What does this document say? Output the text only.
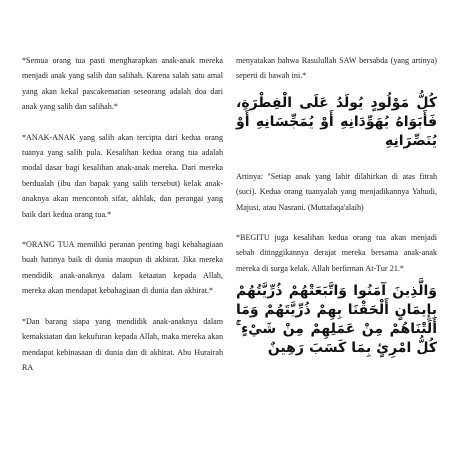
*Semua orang tua pasti mengharapkan anak-anak mereka menjadi anak yang salih dan salihah. Karena salah satu amal yang akan kekal pascakematian seseorang adalah doa dari anak yang salih dan salihah.*

*ANAK-ANAK yang salih akan tercipta dari kedua orang tuanya yang salih pula. Kesalihan kedua orang tua adalah modal dasar bagi kesalihan anak-anak mereka. Dari mereka berdualah (ibu dan bapak yang salih tersebut) kelak anak-anaknya akan mencontoh sifat, akhlak, dan perangai yang baik dari kedua orang tua.*

*ORANG TUA memiliki peranan penting bagi kebahagiaan buah hatinya baik di dunia maupun di akhirat. Jika mereka mendidik anak-anaknya dalam ketaatan kepada Allah, mereka akan mendapat kebahagiaan di dunia dan akhirat.*

*Dan barang siapa yang mendidik anak-anaknya dalam kemaksiatan dan kekufuran kepada Allah, maka mereka akan mendapat kebinasaan di dunia dan di akhirat. Abu Hurairah RA

menyatakan bahwa Rasulullah SAW bersabda (yang artinya) seperti di bawah ini.*

كُلُّ مَوْلُودٍ يُولَدُ عَلَى الْفِطْرَةِ، فَأَبَوَاهُ يُهَوِّدَانِهِ أَوْ يُمَجِّسَانِهِ أَوْ يُنَصِّرَانِهِ

Artinya: "Setiap anak yang lahir dilahirkan di atas fitrah (suci). Kedua orang tuanyalah yang menjadikannya Yahudi, Majusi, atau Nasrani. (Muttafaqa'alaih)

*BEGITU juga kesalihan kedua orang tua akan menjadi sebab ditinggikannya derajat mereka bersama anak-anak mereka di surga kelak. Allah berfirman At-Tur 21.*

وَالَّذِينَ آمَنُوا وَاتَّبَعَتْهُمْ ذُرِّيَّتُهُمْ بِإِيمَانٍ أَلْحَقْنَا بِهِمْ ذُرِّيَّتَهُمْ وَمَا أَلَتْنَاهُمْ مِنْ عَمَلِهِمْ مِنْ شَيْءٍ ۚ كُلُّ امْرِئٍ بِمَا كَسَبَ رَهِينٌ
